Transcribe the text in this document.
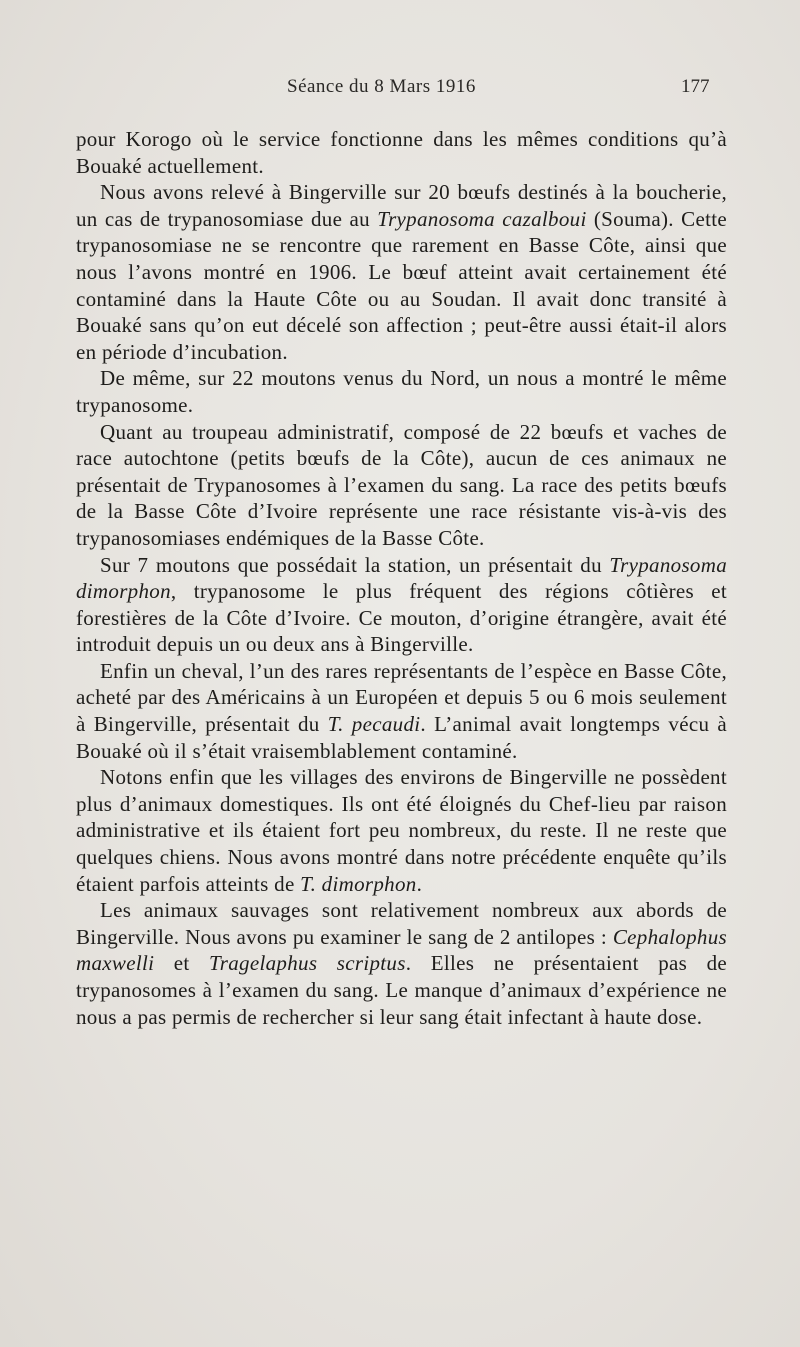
Séance du 8 Mars 1916	177

pour Korogo où le service fonctionne dans les mêmes conditions qu’à Bouaké actuellement.

Nous avons relevé à Bingerville sur 20 bœufs destinés à la boucherie, un cas de trypanosomiase due au Trypanosoma cazalboui (Souma). Cette trypanosomiase ne se rencontre que rarement en Basse Côte, ainsi que nous l’avons montré en 1906. Le bœuf atteint avait certainement été contaminé dans la Haute Côte ou au Soudan. Il avait donc transité à Bouaké sans qu’on eut décelé son affection ; peut-être aussi était-il alors en période d’incubation.

De même, sur 22 moutons venus du Nord, un nous a montré le même trypanosome.

Quant au troupeau administratif, composé de 22 bœufs et vaches de race autochtone (petits bœufs de la Côte), aucun de ces animaux ne présentait de Trypanosomes à l’examen du sang. La race des petits bœufs de la Basse Côte d’Ivoire représente une race résistante vis-à-vis des trypanosomiases endémiques de la Basse Côte.

Sur 7 moutons que possédait la station, un présentait du Trypanosoma dimorphon, trypanosome le plus fréquent des régions côtières et forestières de la Côte d’Ivoire. Ce mouton, d’origine étrangère, avait été introduit depuis un ou deux ans à Bingerville.

Enfin un cheval, l’un des rares représentants de l’espèce en Basse Côte, acheté par des Américains à un Européen et depuis 5 ou 6 mois seulement à Bingerville, présentait du T. pecaudi. L’animal avait longtemps vécu à Bouaké où il s’était vraisemblablement contaminé.

Notons enfin que les villages des environs de Bingerville ne possèdent plus d’animaux domestiques. Ils ont été éloignés du Chef-lieu par raison administrative et ils étaient fort peu nombreux, du reste. Il ne reste que quelques chiens. Nous avons montré dans notre précédente enquête qu’ils étaient parfois atteints de T. dimorphon.

Les animaux sauvages sont relativement nombreux aux abords de Bingerville. Nous avons pu examiner le sang de 2 antilopes : Cephalophus maxwelli et Tragelaphus scriptus. Elles ne présentaient pas de trypanosomes à l’examen du sang. Le manque d’animaux d’expérience ne nous a pas permis de rechercher si leur sang était infectant à haute dose.
